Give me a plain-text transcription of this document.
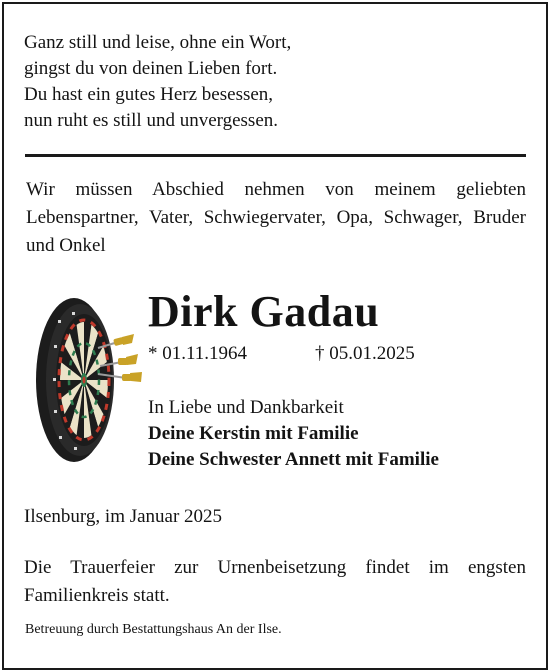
Ganz still und leise, ohne ein Wort,
gingst du von deinen Lieben fort.
Du hast ein gutes Herz besessen,
nun ruht es still und unvergessen.
Wir müssen Abschied nehmen von meinem geliebten Lebenspartner, Vater, Schwiegervater, Opa, Schwager, Bruder und Onkel
Dirk Gadau
* 01.11.1964	† 05.01.2025
In Liebe und Dankbarkeit
Deine Kerstin mit Familie
Deine Schwester Annett mit Familie
Ilsenburg, im Januar 2025
Die Trauerfeier zur Urnenbeisetzung findet im engsten Familienkreis statt.
Betreuung durch Bestattungshaus An der Ilse.
